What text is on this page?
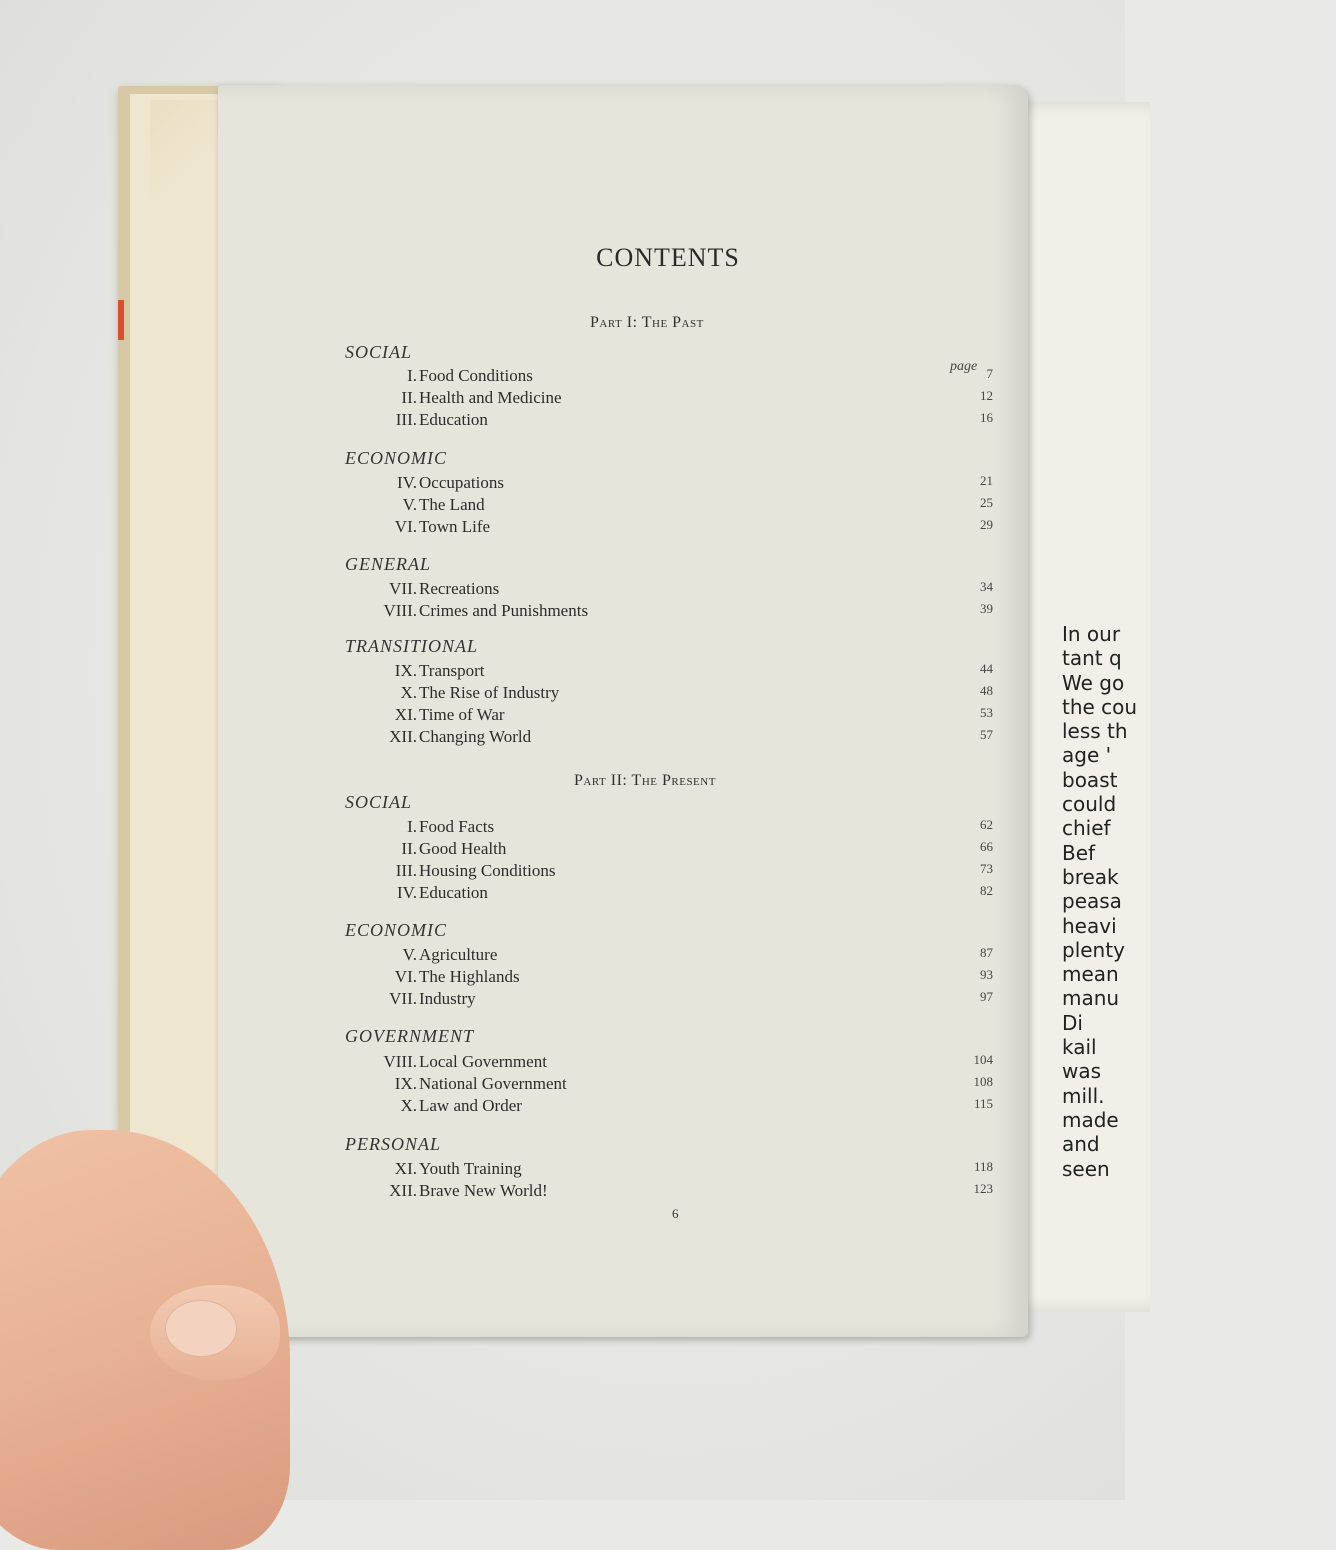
In our
tant q
We go
the cou
less th
age '
boast
could
chief
Bef
break
peasa
heavi
plenty
mean
manu
Di
kail
was
mill.
made
and
seen
CONTENTS
page
Part I: The Past
SOCIAL
I. Food Conditions	7
II. Health and Medicine	12
III. Education	16
ECONOMIC
IV. Occupations	21
V. The Land	25
VI. Town Life	29
GENERAL
VII. Recreations	34
VIII. Crimes and Punishments	39
TRANSITIONAL
IX. Transport	44
X. The Rise of Industry	48
XI. Time of War	53
XII. Changing World	57
Part II: The Present
SOCIAL
I. Food Facts	62
II. Good Health	66
III. Housing Conditions	73
IV. Education	82
ECONOMIC
V. Agriculture	87
VI. The Highlands	93
VII. Industry	97
GOVERNMENT
VIII. Local Government	104
IX. National Government	108
X. Law and Order	115
PERSONAL
XI. Youth Training	118
XII. Brave New World!	123
6
